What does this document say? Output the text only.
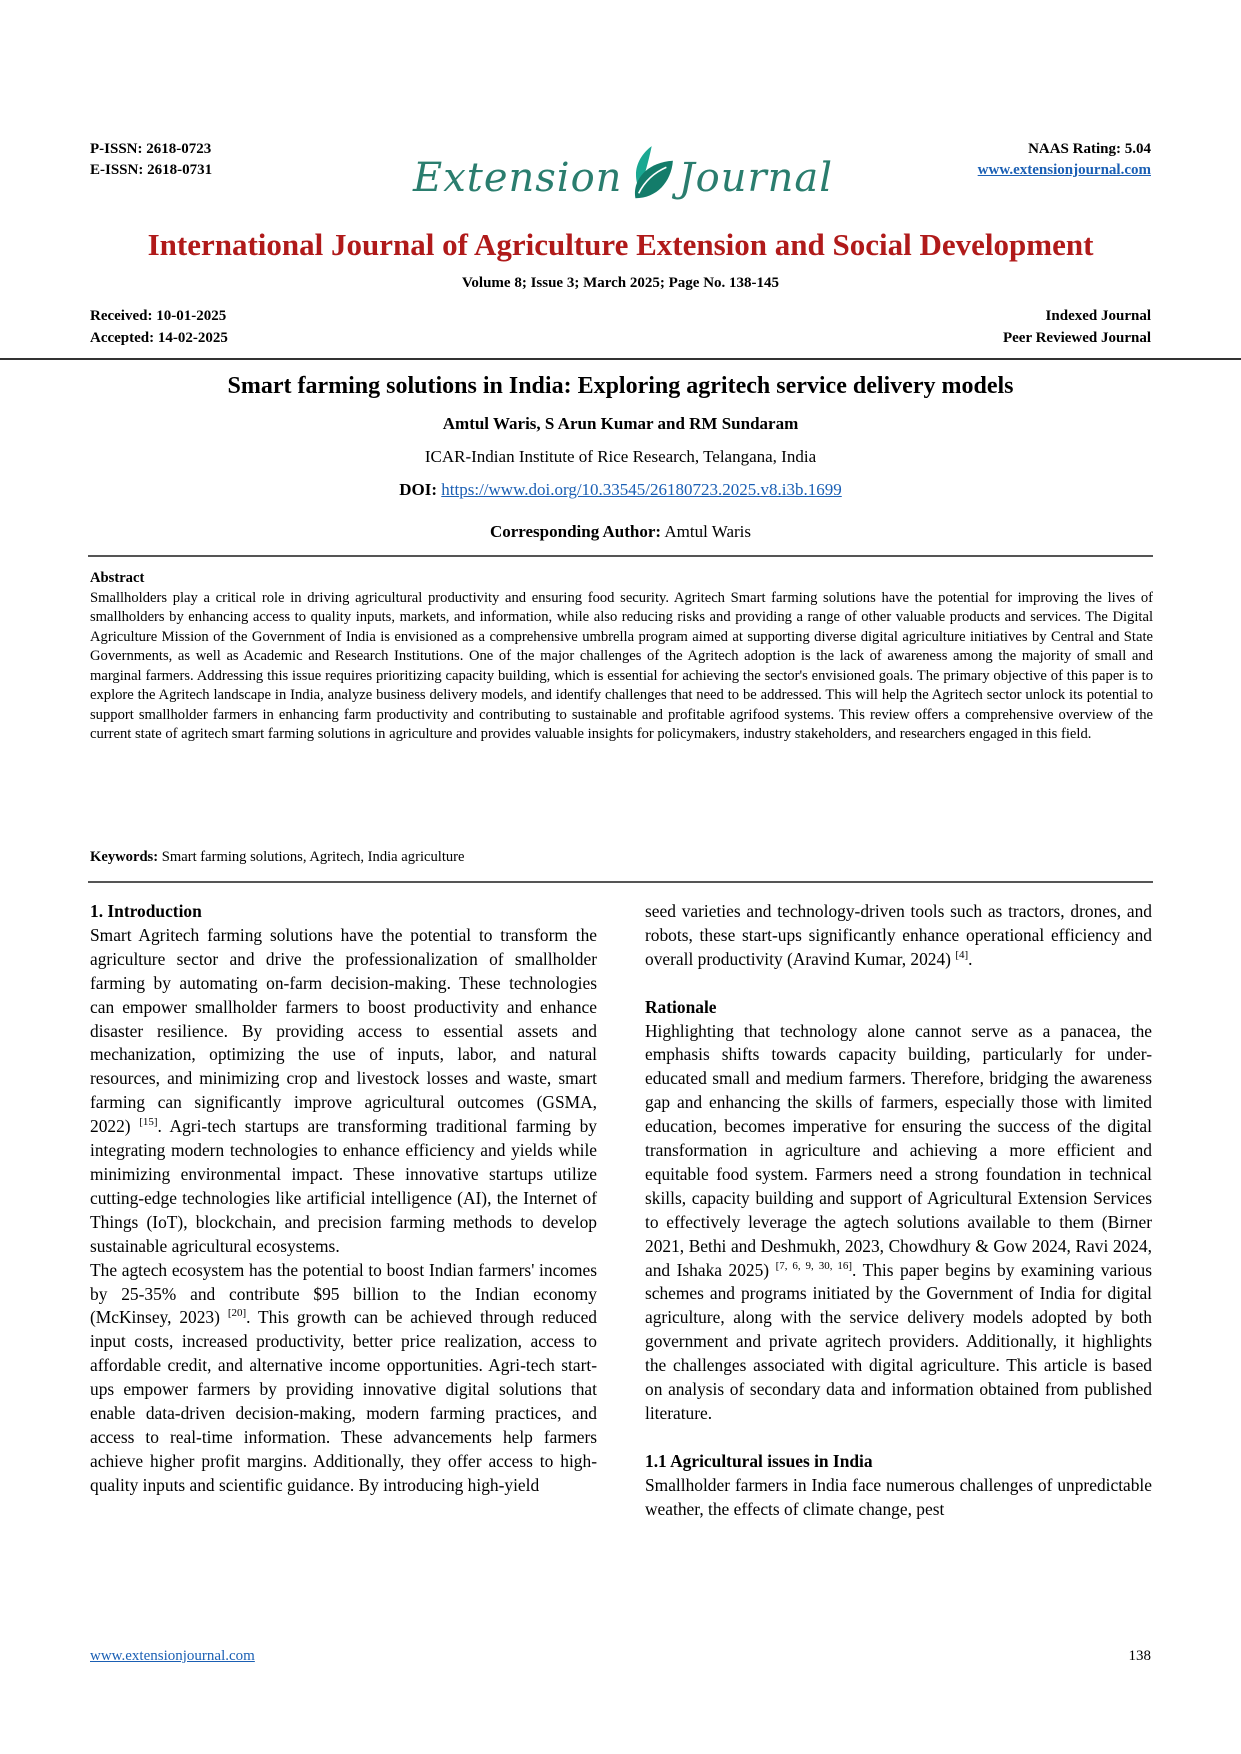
P-ISSN: 2618-0723
E-ISSN: 2618-0731	Extension Journal
NAAS Rating: 5.04
www.extensionjournal.com
International Journal of Agriculture Extension and Social Development
Volume 8; Issue 3; March 2025; Page No. 138-145
Received: 10-01-2025
Accepted: 14-02-2025
Indexed Journal
Peer Reviewed Journal
Smart farming solutions in India: Exploring agritech service delivery models
Amtul Waris, S Arun Kumar and RM Sundaram
ICAR-Indian Institute of Rice Research, Telangana, India
DOI: https://www.doi.org/10.33545/26180723.2025.v8.i3b.1699
Corresponding Author: Amtul Waris
Abstract
Smallholders play a critical role in driving agricultural productivity and ensuring food security. Agritech Smart farming solutions have the potential for improving the lives of smallholders by enhancing access to quality inputs, markets, and information, while also reducing risks and providing a range of other valuable products and services. The Digital Agriculture Mission of the Government of India is envisioned as a comprehensive umbrella program aimed at supporting diverse digital agriculture initiatives by Central and State Governments, as well as Academic and Research Institutions. One of the major challenges of the Agritech adoption is the lack of awareness among the majority of small and marginal farmers. Addressing this issue requires prioritizing capacity building, which is essential for achieving the sector's envisioned goals. The primary objective of this paper is to explore the Agritech landscape in India, analyze business delivery models, and identify challenges that need to be addressed. This will help the Agritech sector unlock its potential to support smallholder farmers in enhancing farm productivity and contributing to sustainable and profitable agrifood systems. This review offers a comprehensive overview of the current state of agritech smart farming solutions in agriculture and provides valuable insights for policymakers, industry stakeholders, and researchers engaged in this field.
Keywords: Smart farming solutions, Agritech, India agriculture
1. Introduction

Smart Agritech farming solutions have the potential to transform the agriculture sector and drive the professionalization of smallholder farming by automating on-farm decision-making. These technologies can empower smallholder farmers to boost productivity and enhance disaster resilience. By providing access to essential assets and mechanization, optimizing the use of inputs, labor, and natural resources, and minimizing crop and livestock losses and waste, smart farming can significantly improve agricultural outcomes (GSMA, 2022) [15]. Agri-tech startups are transforming traditional farming by integrating modern technologies to enhance efficiency and yields while minimizing environmental impact. These innovative startups utilize cutting-edge technologies like artificial intelligence (AI), the Internet of Things (IoT), blockchain, and precision farming methods to develop sustainable agricultural ecosystems.

The agtech ecosystem has the potential to boost Indian farmers' incomes by 25-35% and contribute $95 billion to the Indian economy (McKinsey, 2023) [20]. This growth can be achieved through reduced input costs, increased productivity, better price realization, access to affordable credit, and alternative income opportunities. Agri-tech start-ups empower farmers by providing innovative digital solutions that enable data-driven decision-making, modern farming practices, and access to real-time information. These advancements help farmers achieve higher profit margins. Additionally, they offer access to high-quality inputs and scientific guidance. By introducing high-yield

seed varieties and technology-driven tools such as tractors, drones, and robots, these start-ups significantly enhance operational efficiency and overall productivity (Aravind Kumar, 2024) [4].

Rationale

Highlighting that technology alone cannot serve as a panacea, the emphasis shifts towards capacity building, particularly for under-educated small and medium farmers. Therefore, bridging the awareness gap and enhancing the skills of farmers, especially those with limited education, becomes imperative for ensuring the success of the digital transformation in agriculture and achieving a more efficient and equitable food system. Farmers need a strong foundation in technical skills, capacity building and support of Agricultural Extension Services to effectively leverage the agtech solutions available to them (Birner 2021, Bethi and Deshmukh, 2023, Chowdhury & Gow 2024, Ravi 2024, and Ishaka 2025) [7, 6, 9, 30, 16]. This paper begins by examining various schemes and programs initiated by the Government of India for digital agriculture, along with the service delivery models adopted by both government and private agritech providers. Additionally, it highlights the challenges associated with digital agriculture. This article is based on analysis of secondary data and information obtained from published literature.

1.1 Agricultural issues in India

Smallholder farmers in India face numerous challenges of unpredictable weather, the effects of climate change, pest

www.extensionjournal.com	138
